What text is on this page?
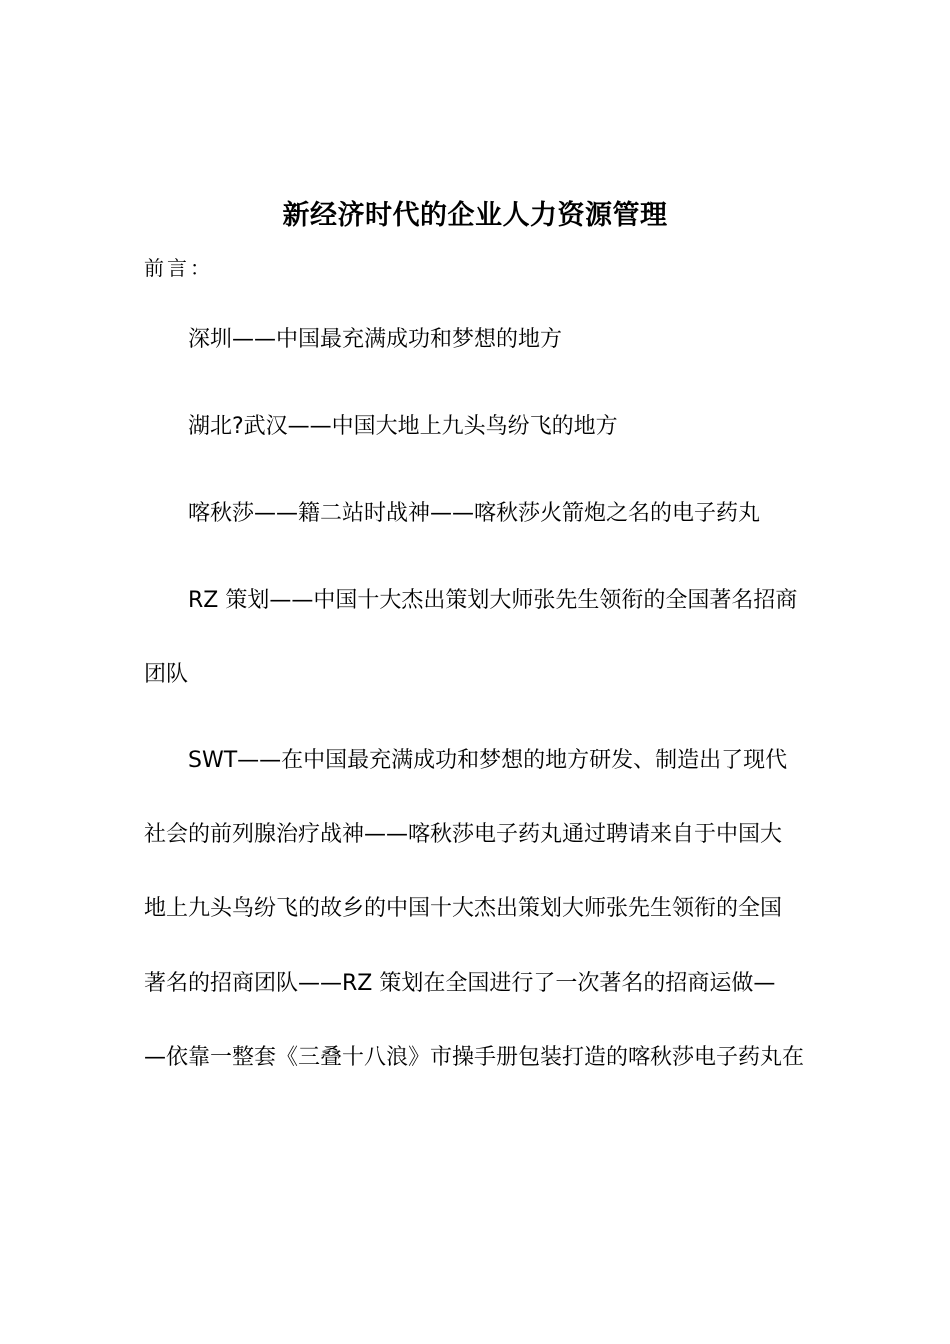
新经济时代的企业人力资源管理
前言：
深圳——中国最充满成功和梦想的地方
湖北?武汉——中国大地上九头鸟纷飞的地方
喀秋莎——籍二站时战神——喀秋莎火箭炮之名的电子药丸
RZ 策划——中国十大杰出策划大师张先生领衔的全国著名招商
团队
SWT——在中国最充满成功和梦想的地方研发、制造出了现代
社会的前列腺治疗战神——喀秋莎电子药丸通过聘请来自于中国大
地上九头鸟纷飞的故乡的中国十大杰出策划大师张先生领衔的全国
著名的招商团队——RZ 策划在全国进行了一次著名的招商运做—
—依靠一整套《三叠十八浪》市操手册包装打造的喀秋莎电子药丸在
